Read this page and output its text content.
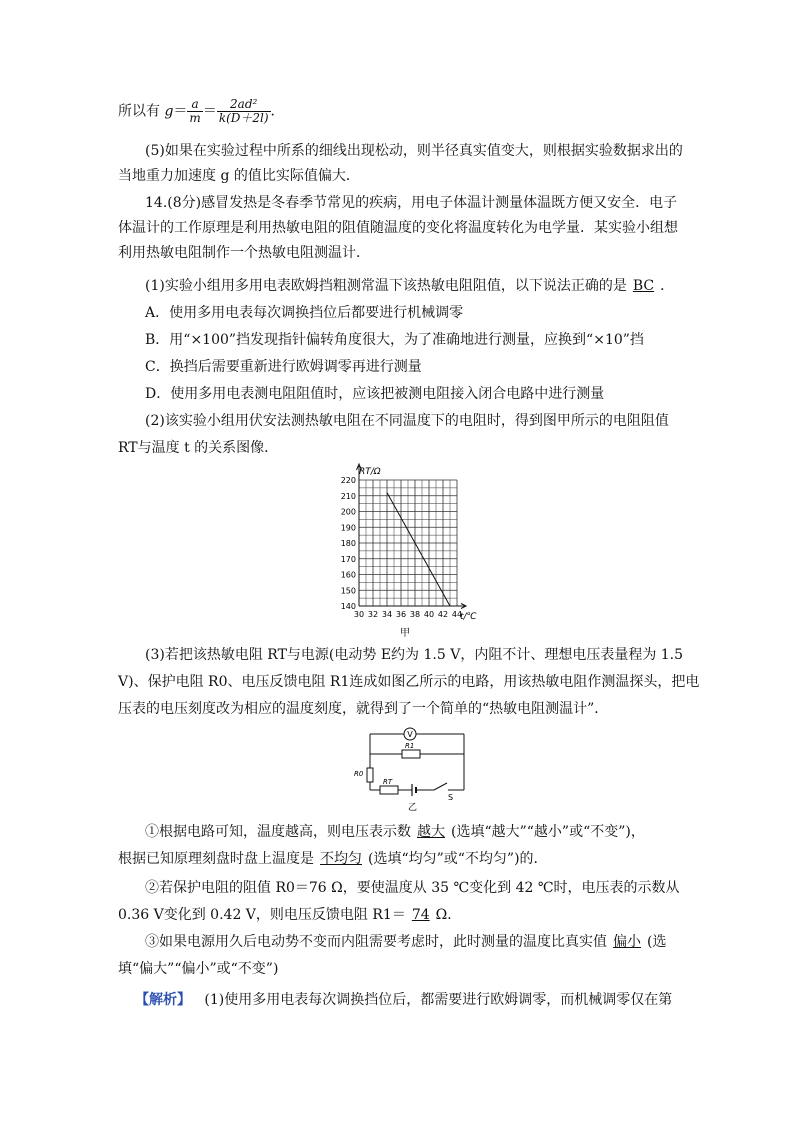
所以有 $g= \frac{a}{m} = \frac{\text{2ad²}}{k(D+2l)}$ ．
(5)如果在实验过程中所系的细线出现松动，则半径真实值变大，则根据实验数据求出的
当地重力加速度 g 的值比实际值偏大．
14.(8分)感冒发热是冬春季节常见的疾病，用电子体温计测量体温既方便又安全．电子
体温计的工作原理是利用热敏电阻的阻值随温度的变化将温度转化为电学量．某实验小组想
利用热敏电阻制作一个热敏电阻测温计．
(1)实验小组用多用电表欧姆挡粗测常温下该热敏电阻阻值，以下说法正确的是 BC ．
A．使用多用电表每次调换挡位后都要进行机械调零
B．用“×100”挡发现指针偏转角度很大，为了准确地进行测量，应换到“×10”挡
C．换挡后需要重新进行欧姆调零再进行测量
D．使用多用电表测电阻阻值时，应该把被测电阻接入闭合电路中进行测量
(2)该实验小组用伏安法测热敏电阻在不同温度下的电阻时，得到图甲所示的电阻阻值
RT与温度 t 的关系图像．
140
150
160
170
180
190
200
210
220
30 32 34 36 38 40 42 44
RT/Ω
t/℃
甲
(3)若把该热敏电阻 RT与电源(电动势 E约为 1.5 V，内阻不计、理想电压表量程为 1.5
V)、保护电阻 R0、电压反馈电阻 R1连成如图乙所示的电路，用该热敏电阻作测温探头，把电
压表的电压刻度改为相应的温度刻度，就得到了一个简单的“热敏电阻测温计”．
V
R1
R0
RT
S
乙
①根据电路可知，温度越高，则电压表示数 越大 (选填“越大”“越小”或“不变”)，
根据已知原理刻盘时盘上温度是 不均匀 (选填“均匀”或“不均匀”)的．
②若保护电阻的阻值 R0＝76 Ω，要使温度从 35 ℃变化到 42 ℃时，电压表的示数从
0.36 V变化到 0.42 V，则电压反馈电阻 R1＝ 74 Ω．
③如果电源用久后电动势不变而内阻需要考虑时，此时测量的温度比真实值 偏小 (选
填“偏大”“偏小”或“不变”)
【解析】 (1)使用多用电表每次调换挡位后，都需要进行欧姆调零，而机械调零仅在第
